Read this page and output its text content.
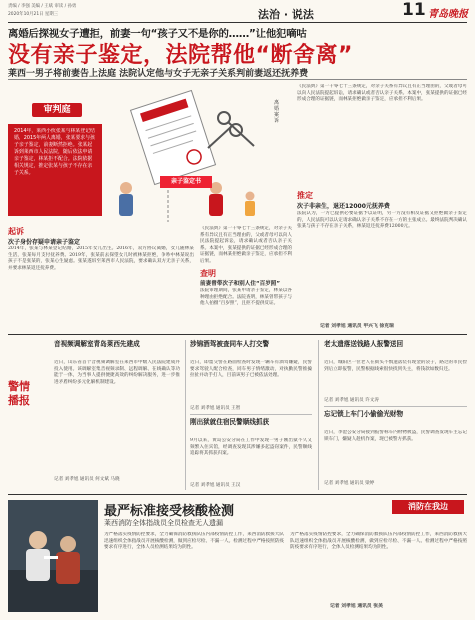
责编 / 李强 美编 / 王斌 审读 / 孙勇
2020年10月21日 星期三	法治 · 说法	11 青岛晚报
离婚后探视女子遭拒，前妻一句“孩子又不是你的……”让他犯嘀咕
没有亲子鉴定，法院帮他“断舍离”
莱西一男子将前妻告上法庭 法院认定他与女子无亲子关系判前妻返还抚养费
审判庭
2014年，莱西小伙张某与林某登记结婚，2015年两人离婚，张某要求与孩子亲子鉴定，前妻断然拒绝。张某起诉到莱西市人民法院，随后依法申请亲子鉴定，林某拒不配合。法院依据相关规定，推定张某与孩子不存在亲子关系。
亲子鉴定书
离婚案诉
起诉
次子身份存疑申请亲子鉴定
2014年，张某与林某登记结婚，2015年女儿出生。2016年，双方协议离婚，女儿随林某生活，张某每月支付抚养费。2019年，张某前去探望女儿时被林某拒绝，争吵中林某说出孩子不是张某的，张某心生疑虑。张某遂诉至莱西市人民法院，要求确认双方无亲子关系，并要求林某返还抚养费。
《民法典》第一千零七十三条规定，对亲子关系有异议且有正当理由的，父或者母可以向人民法院提起诉讼，请求确认或者否认亲子关系。本案中，张某提供的证据已经形成合理的证据链，而林某拒绝做亲子鉴定，应承担不利后果。
查明
前妻曾带次子和别人住“百岁照”
法院审理期间，张某申请亲子鉴定，林某以各种理由拒绝配合。法院查明，林某曾带孩子与他人拍摄“百岁照”，且拒不提供反证。
《民法典》第一千零七十三条规定，对亲子关系有异议且有正当理由的，父或者母可以向人民法院提起诉讼，请求确认或者否认亲子关系。本案中，张某提供的证据已经形成合理的证据链，而林某拒绝做亲子鉴定，应承担不利后果。
推定
次子非亲生，退还12000元抚养费
法院认为，一方已提供必要证据予以证明，另一方没有相反证据又拒绝做亲子鉴定的，人民法院可以认定请求确认亲子关系不存在一方的主张成立。最终法院判决确认张某与孩子不存在亲子关系，林某返还抚养费12000元。
记者 刘孝旭 通讯员 甲兴飞 徐克瑞
警情播报
音视频调解室青岛莱西先建成
近日，山东省首个音视频调解室在莱西市中级人民法院建成并投入使用。该调解室集音视频录制、远程调解、在线确认等功能于一体，为当事人提供便捷高效的纠纷解决服务，进一步推进矛盾纠纷多元化解机制建设。
记者 刘孝旭 通讯员 何文斌 马晓
涉锦酒驾被查同车人打交警
近日，即墨交警在路面检查时发现一辆车有酒驾嫌疑，民警要求驾驶人配合检查，同车男子情绪激动，对执勤民警推搡拉扯并动手打人，目前该男子已被依法处理。
记者 刘孝旭 通讯员 王智
刚出狱就住宿民警顺线抓获
9月以来，黄岛公安分局在工作中发现一男子刚出狱不久又频繁入住宾馆，经调查发现其涉嫌多起盗窃案件，民警顺线追踪将其抓获归案。
记者 刘孝旭 通讯员 王汉
老太遗落送钱路人报警送回
近日，城阳区一位老人在街头不慎遗落装有现金的袋子，路过的市民捡到后立即报警，民警根据线索很快找到失主，将钱款如数归还。
记者 刘孝旭 通讯员 许文涛
忘记锁上车门小偷偷光财物
近日，李沧公安分局接到报警称车内财物被盗，民警调查发现车主忘记锁车门，嫌疑人趁机作案，现已被警方抓获。
记者 刘孝旭 通讯员 梁婷
最严标准接受核酸检测
莱西消防全体指战员全员检查无人遗漏
消防在我边
为严格落实疫情防控要求，全力确保消防救援队伍内部疫情防控工作，莱西消防救援大队迅速组织全体指战员开展核酸检测，做到应检尽检、不漏一人。检测过程中严格按照防疫要求有序进行，全体人员检测结果均为阴性。
为严格落实疫情防控要求，全力确保消防救援队伍内部疫情防控工作，莱西消防救援大队迅速组织全体指战员开展核酸检测，做到应检尽检、不漏一人。检测过程中严格按照防疫要求有序进行，全体人员检测结果均为阴性。
记者 刘孝旭 通讯员 张美
